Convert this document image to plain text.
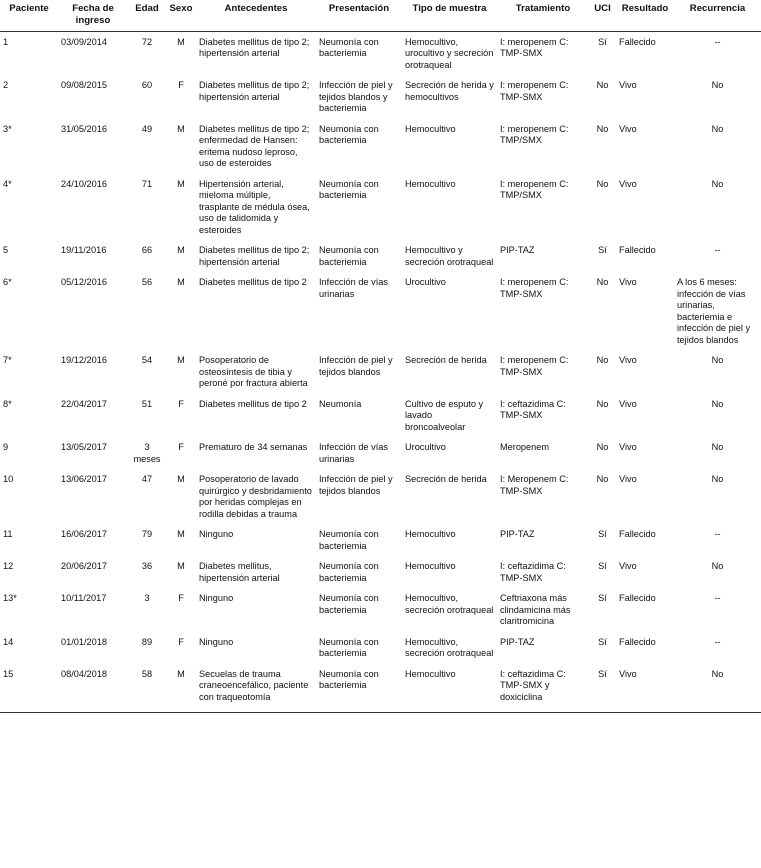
Paciente	Fecha de ingreso	Edad	Sexo	Antecedentes	Presentación	Tipo de muestra	Tratamiento	UCI	Resultado	Recurrencia
1	03/09/2014	72	M	Diabetes mellitus de tipo 2; hipertensión arterial	Neumonía con bacteriemia	Hemocultivo, urocultivo y secreción orotraqueal	I: meropenem C: TMP-SMX	Sí	Fallecido	--
2	09/08/2015	60	F	Diabetes mellitus de tipo 2; hipertensión arterial	Infección de piel y tejidos blandos y bacteriemia	Secreción de herida y hemocultivos	I: meropenem C: TMP-SMX	No	Vivo	No
3*	31/05/2016	49	M	Diabetes mellitus de tipo 2; enfermedad de Hansen: eritema nudoso leproso, uso de esteroides	Neumonía con bacteriemia	Hemocultivo	I: meropenem C: TMP/SMX	No	Vivo	No
4*	24/10/2016	71	M	Hipertensión arterial, mieloma múltiple, trasplante de médula ósea, uso de talidomida y esteroides	Neumonía con bacteriemia	Hemocultivo	I: meropenem C: TMP/SMX	No	Vivo	No
5	19/11/2016	66	M	Diabetes mellitus de tipo 2; hipertensión arterial	Neumonía con bacteriemia	Hemocultivo y secreción orotraqueal	PIP-TAZ	Sí	Fallecido	--
6*	05/12/2016	56	M	Diabetes mellitus de tipo 2	Infección de vías urinarias	Urocultivo	I: meropenem C: TMP-SMX	No	Vivo	A los 6 meses: infección de vías urinarias, bacteriemia e infección de piel y tejidos blandos
7*	19/12/2016	54	M	Posoperatorio de osteosíntesis de tibia y peroné por fractura abierta	Infección de piel y tejidos blandos	Secreción de herida	I: meropenem C: TMP-SMX	No	Vivo	No
8*	22/04/2017	51	F	Diabetes mellitus de tipo 2	Neumonía	Cultivo de esputo y lavado broncoalveolar	I: ceftazidima C: TMP-SMX	No	Vivo	No
9	13/05/2017	3 meses	F	Prematuro de 34 semanas	Infección de vías urinarias	Urocultivo	Meropenem	No	Vivo	No
10	13/06/2017	47	M	Posoperatorio de lavado quirúrgico y desbridamiento por heridas complejas en rodilla debidas a trauma	Infección de piel y tejidos blandos	Secreción de herida	I: Meropenem C: TMP-SMX	No	Vivo	No
11	16/06/2017	79	M	Ninguno	Neumonía con bacteriemia	Hemocultivo	PIP-TAZ	Sí	Fallecido	--
12	20/06/2017	36	M	Diabetes mellitus, hipertensión arterial	Neumonía con bacteriemia	Hemocultivo	I: ceftazidima C: TMP-SMX	Sí	Vivo	No
13*	10/11/2017	3	F	Ninguno	Neumonía con bacteriemia	Hemocultivo, secreción orotraqueal	Ceftriaxona más clindamicina más claritromicina	Sí	Fallecido	--
14	01/01/2018	89	F	Ninguno	Neumonía con bacteriemia	Hemocultivo, secreción orotraqueal	PIP-TAZ	Sí	Fallecido	--
15	08/04/2018	58	M	Secuelas de trauma craneoencefálico, paciente con traqueotomía	Neumonía con bacteriemia	Hemocultivo	I: ceftazidima C: TMP-SMX y doxiciclina	Sí	Vivo	No
